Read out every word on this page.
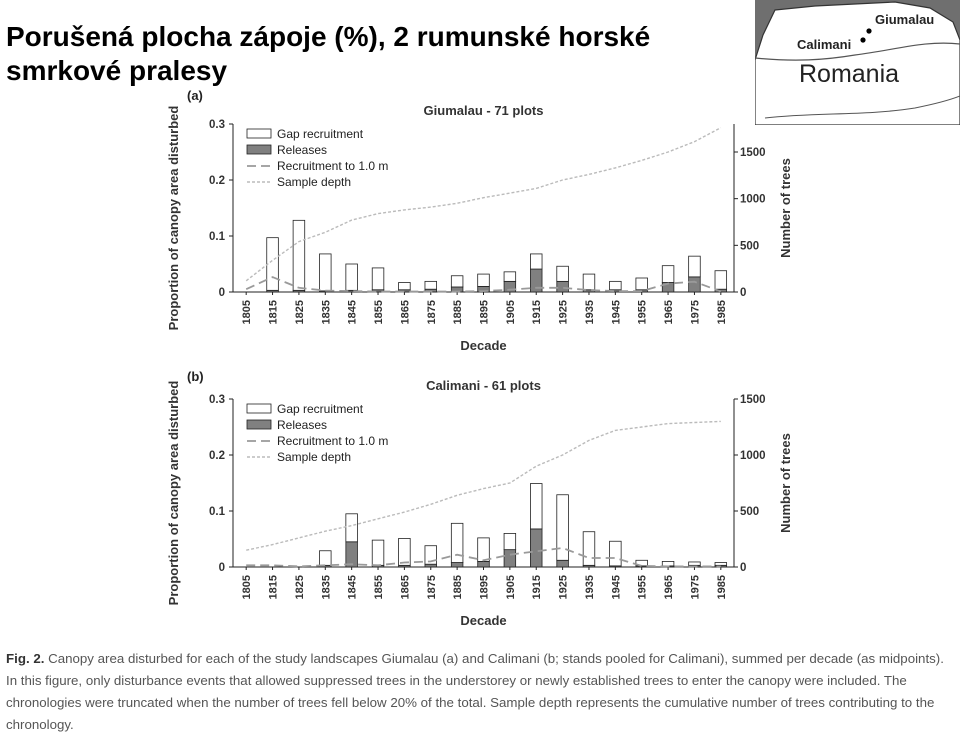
Porušená plocha zápoje (%), 2 rumunské horské smrkové pralesy
Giumalau
Calimani
Romania
(a)
Giumalau - 71 plots
0
0.1
0.2
0.3
0
500
1000
1500
1805 1815 1825 1835 1845 1855 1865 1875 1885 1895 1905 1915 1925 1935 1945 1955 1965 1975 1985
Decade
Proportion of canopy area disturbed	Number of trees
Gap recruitment
Releases
Recruitment to 1.0 m
Sample depth
(b)
Calimani - 61 plots
0
0.1
0.2
0.3
0
500
1000
1500
1805 1815 1825 1835 1845 1855 1865 1875 1885 1895 1905 1915 1925 1935 1945 1955 1965 1975 1985
Decade
Proportion of canopy area disturbed	Number of trees
Gap recruitment
Releases
Recruitment to 1.0 m
Sample depth

Fig. 2. Canopy area disturbed for each of the study landscapes Giumalau (a) and Calimani (b; stands pooled for Calimani), summed per decade (as midpoints). In this figure, only disturbance events that allowed suppressed trees in the understorey or newly established trees to enter the canopy were included. The chronologies were truncated when the number of trees fell below 20% of the total. Sample depth represents the cumulative number of trees contributing to the chronology.
